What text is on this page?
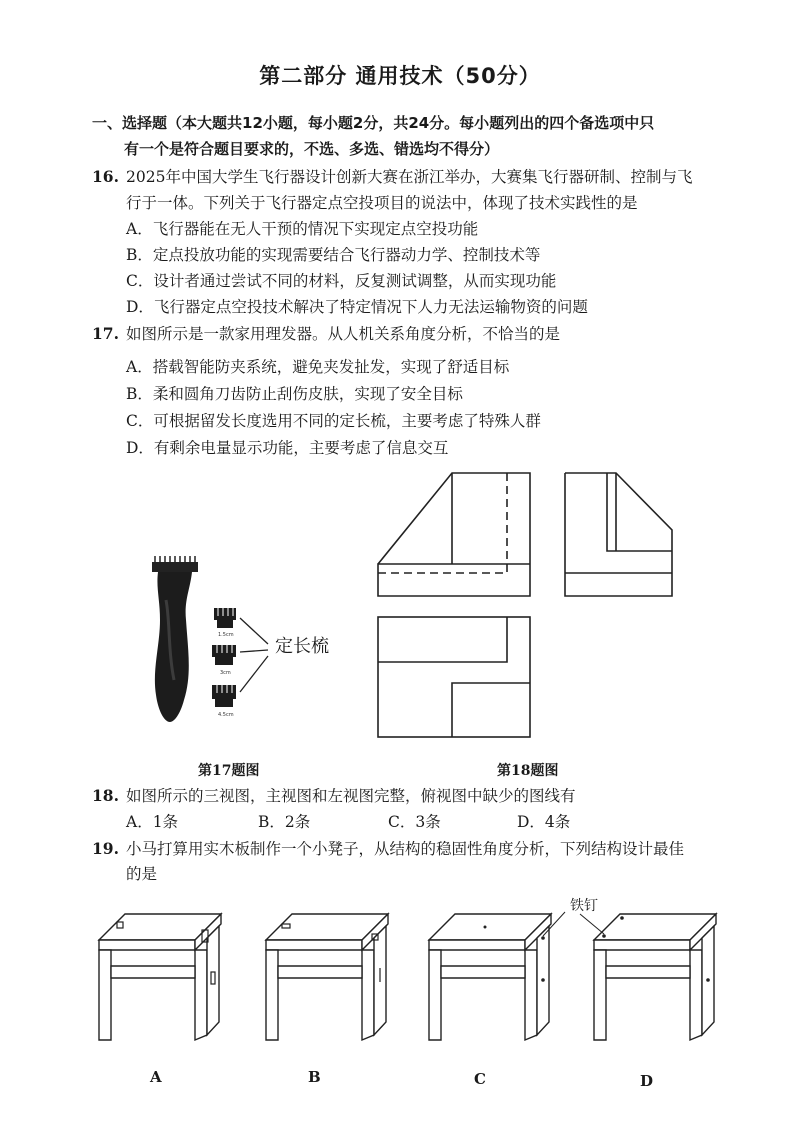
第二部分 通用技术（50分）
一、选择题（本大题共12小题，每小题2分，共24分。每小题列出的四个备选项中只
有一个是符合题目要求的，不选、多选、错选均不得分）
16. 2025年中国大学生飞行器设计创新大赛在浙江举办，大赛集飞行器研制、控制与飞
行于一体。下列关于飞行器定点空投项目的说法中，体现了技术实践性的是
A．飞行器能在无人干预的情况下实现定点空投功能
B．定点投放功能的实现需要结合飞行器动力学、控制技术等
C．设计者通过尝试不同的材料，反复测试调整，从而实现功能
D．飞行器定点空投技术解决了特定情况下人力无法运输物资的问题
17. 如图所示是一款家用理发器。从人机关系角度分析，不恰当的是
A．搭载智能防夹系统，避免夹发扯发，实现了舒适目标
B．柔和圆角刀齿防止刮伤皮肤，实现了安全目标
C．可根据留发长度选用不同的定长梳，主要考虑了特殊人群
D．有剩余电量显示功能，主要考虑了信息交互
1.5cm
3cm
4.5cm
定长梳
第17题图	第18题图
18. 如图所示的三视图，主视图和左视图完整，俯视图中缺少的图线有
A．1条	B．2条	C．3条	D．4条
19. 小马打算用实木板制作一个小凳子，从结构的稳固性角度分析，下列结构设计最佳
的是
铁钉
A	B	C	D
